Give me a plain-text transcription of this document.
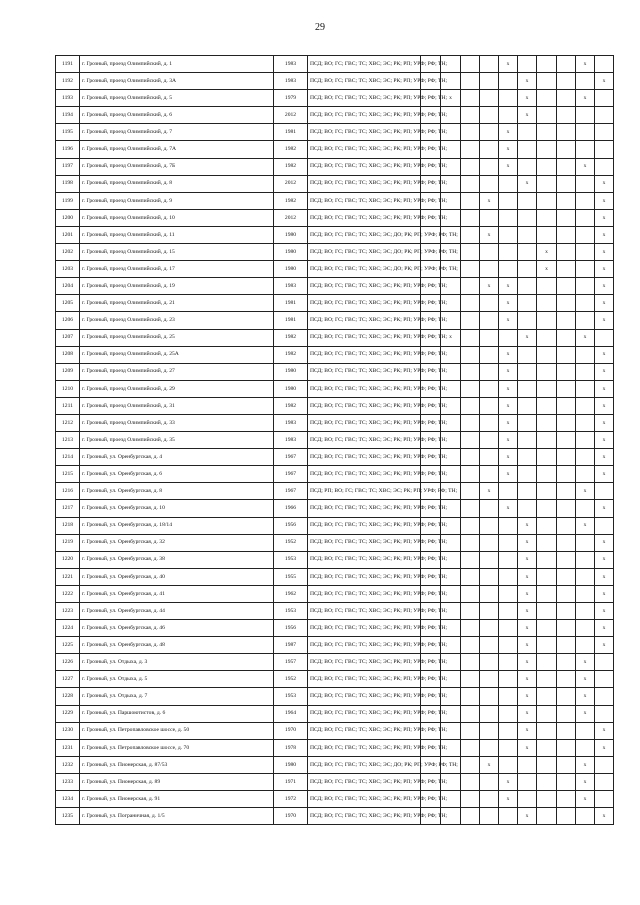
29
1191	г. Грозный, проезд Олимпийский, д. 1	1983	ПСД; ВО; ГС; ГВС; ТС; ХВС; ЭС; РК; РП; УРФ; РФ; ТН;					x				x	
1192	г. Грозный, проезд Олимпийский, д. 3А	1983	ПСД; ВО; ГС; ГВС; ТС; ХВС; ЭС; РК; РП; УРФ; РФ; ТН;						x				x
1193	г. Грозный, проезд Олимпийский, д. 5	1979	ПСД; ВО; ГС; ГВС; ТС; ХВС; ЭС; РК; РП; УРФ; РФ; ТН;		x				x			x	
1194	г. Грозный, проезд Олимпийский, д. 6	2012	ПСД; ВО; ГС; ГВС; ТС; ХВС; ЭС; РК; РП; УРФ; РФ; ТН;						x				
1195	г. Грозный, проезд Олимпийский, д. 7	1981	ПСД; ВО; ГС; ГВС; ТС; ХВС; ЭС; РК; РП; УРФ; РФ; ТН;					x					
1196	г. Грозный, проезд Олимпийский, д. 7А	1982	ПСД; ВО; ГС; ГВС; ТС; ХВС; ЭС; РК; РП; УРФ; РФ; ТН;					x					
1197	г. Грозный, проезд Олимпийский, д. 7Б	1982	ПСД; ВО; ГС; ГВС; ТС; ХВС; ЭС; РК; РП; УРФ; РФ; ТН;					x				x	
1198	г. Грозный, проезд Олимпийский, д. 8	2012	ПСД; ВО; ГС; ГВС; ТС; ХВС; ЭС; РК; РП; УРФ; РФ; ТН;						x				x
1199	г. Грозный, проезд Олимпийский, д. 9	1982	ПСД; ВО; ГС; ГВС; ТС; ХВС; ЭС; РК; РП; УРФ; РФ; ТН;				x						x
1200	г. Грозный, проезд Олимпийский, д. 10	2012	ПСД; ВО; ГС; ГВС; ТС; ХВС; ЭС; РК; РП; УРФ; РФ; ТН;										x
1201	г. Грозный, проезд Олимпийский, д. 11	1980	ПСД; ВО; ГС; ГВС; ТС; ХВС; ЭС; ДО; РК; РП; УРФ; РФ; ТН;				x						x
1202	г. Грозный, проезд Олимпийский, д. 15	1980	ПСД; ВО; ГС; ГВС; ТС; ХВС; ЭС; ДО; РК; РП; УРФ; РФ; ТН;							x			x
1203	г. Грозный, проезд Олимпийский, д. 17	1980	ПСД; ВО; ГС; ГВС; ТС; ХВС; ЭС; ДО; РК; РП; УРФ; РФ; ТН;							x			x
1204	г. Грозный, проезд Олимпийский, д. 19	1983	ПСД; ВО; ГС; ГВС; ТС; ХВС; ЭС; РК; РП; УРФ; РФ; ТН;				x	x					x
1205	г. Грозный, проезд Олимпийский, д. 21	1981	ПСД; ВО; ГС; ГВС; ТС; ХВС; ЭС; РК; РП; УРФ; РФ; ТН;					x					x
1206	г. Грозный, проезд Олимпийский, д. 23	1981	ПСД; ВО; ГС; ГВС; ТС; ХВС; ЭС; РК; РП; УРФ; РФ; ТН;					x					x
1207	г. Грозный, проезд Олимпийский, д. 25	1982	ПСД; ВО; ГС; ГВС; ТС; ХВС; ЭС; РК; РП; УРФ; РФ; ТН;		x				x			x	
1208	г. Грозный, проезд Олимпийский, д. 25А	1982	ПСД; ВО; ГС; ГВС; ТС; ХВС; ЭС; РК; РП; УРФ; РФ; ТН;					x					x
1209	г. Грозный, проезд Олимпийский, д. 27	1980	ПСД; ВО; ГС; ГВС; ТС; ХВС; ЭС; РК; РП; УРФ; РФ; ТН;					x					x
1210	г. Грозный, проезд Олимпийский, д. 29	1980	ПСД; ВО; ГС; ГВС; ТС; ХВС; ЭС; РК; РП; УРФ; РФ; ТН;					x					x
1211	г. Грозный, проезд Олимпийский, д. 31	1982	ПСД; ВО; ГС; ГВС; ТС; ХВС; ЭС; РК; РП; УРФ; РФ; ТН;					x					x
1212	г. Грозный, проезд Олимпийский, д. 33	1983	ПСД; ВО; ГС; ГВС; ТС; ХВС; ЭС; РК; РП; УРФ; РФ; ТН;					x					x
1213	г. Грозный, проезд Олимпийский, д. 35	1983	ПСД; ВО; ГС; ГВС; ТС; ХВС; ЭС; РК; РП; УРФ; РФ; ТН;					x					x
1214	г. Грозный, ул. Оренбургская, д. 4	1967	ПСД; ВО; ГС; ГВС; ТС; ХВС; ЭС; РК; РП; УРФ; РФ; ТН;					x					x
1215	г. Грозный, ул. Оренбургская, д. 6	1967	ПСД; ВО; ГС; ГВС; ТС; ХВС; ЭС; РК; РП; УРФ; РФ; ТН;					x					x
1216	г. Грозный, ул. Оренбургская, д. 8	1967	ПСД; РП; ВО; ГС; ГВС; ТС; ХВС; ЭС; РК; РП; УРФ; РФ; ТН;				x					x	
1217	г. Грозный, ул. Оренбургская, д. 10	1966	ПСД; ВО; ГС; ГВС; ТС; ХВС; ЭС; РК; РП; УРФ; РФ; ТН;					x					x
1218	г. Грозный, ул. Оренбургская, д. 18/14	1956	ПСД; ВО; ГС; ГВС; ТС; ХВС; ЭС; РК; РП; УРФ; РФ; ТН;						x			x	
1219	г. Грозный, ул. Оренбургская, д. 32	1952	ПСД; ВО; ГС; ГВС; ТС; ХВС; ЭС; РК; РП; УРФ; РФ; ТН;						x				x
1220	г. Грозный, ул. Оренбургская, д. 38	1953	ПСД; ВО; ГС; ГВС; ТС; ХВС; ЭС; РК; РП; УРФ; РФ; ТН;						x				x
1221	г. Грозный, ул. Оренбургская, д. 40	1955	ПСД; ВО; ГС; ГВС; ТС; ХВС; ЭС; РК; РП; УРФ; РФ; ТН;						x				x
1222	г. Грозный, ул. Оренбургская, д. 41	1962	ПСД; ВО; ГС; ГВС; ТС; ХВС; ЭС; РК; РП; УРФ; РФ; ТН;						x				x
1223	г. Грозный, ул. Оренбургская, д. 44	1953	ПСД; ВО; ГС; ГВС; ТС; ХВС; ЭС; РК; РП; УРФ; РФ; ТН;						x				x
1224	г. Грозный, ул. Оренбургская, д. 46	1956	ПСД; ВО; ГС; ГВС; ТС; ХВС; ЭС; РК; РП; УРФ; РФ; ТН;						x				x
1225	г. Грозный, ул. Оренбургская, д. 48	1987	ПСД; ВО; ГС; ГВС; ТС; ХВС; ЭС; РК; РП; УРФ; РФ; ТН;						x				x
1226	г. Грозный, ул. Отдыха, д. 3	1957	ПСД; ВО; ГС; ГВС; ТС; ХВС; ЭС; РК; РП; УРФ; РФ; ТН;						x			x	
1227	г. Грозный, ул. Отдыха, д. 5	1952	ПСД; ВО; ГС; ГВС; ТС; ХВС; ЭС; РК; РП; УРФ; РФ; ТН;						x			x	
1228	г. Грозный, ул. Отдыха, д. 7	1953	ПСД; ВО; ГС; ГВС; ТС; ХВС; ЭС; РК; РП; УРФ; РФ; ТН;						x			x	
1229	г. Грозный, ул. Паршоютистов, д. 6	1964	ПСД; ВО; ГС; ГВС; ТС; ХВС; ЭС; РК; РП; УРФ; РФ; ТН;						x			x	
1230	г. Грозный, ул. Петропавловское шоссе, д. 50	1970	ПСД; ВО; ГС; ГВС; ТС; ХВС; ЭС; РК; РП; УРФ; РФ; ТН;						x				x
1231	г. Грозный, ул. Петропавловское шоссе, д. 70	1978	ПСД; ВО; ГС; ГВС; ТС; ХВС; ЭС; РК; РП; УРФ; РФ; ТН;						x				x
1232	г. Грозный, ул. Пионерская, д. 87/53	1980	ПСД; ВО; ГС; ГВС; ТС; ХВС; ЭС; ДО; РК; РП; УРФ; РФ; ТН;				x					x	
1233	г. Грозный, ул. Пионерская, д. 89	1971	ПСД; ВО; ГС; ГВС; ТС; ХВС; ЭС; РК; РП; УРФ; РФ; ТН;					x				x	
1234	г. Грозный, ул. Пионерская, д. 91	1972	ПСД; ВО; ГС; ГВС; ТС; ХВС; ЭС; РК; РП; УРФ; РФ; ТН;					x				x	
1235	г. Грозный, ул. Пограничная, д. 1/5	1970	ПСД; ВО; ГС; ГВС; ТС; ХВС; ЭС; РК; РП; УРФ; РФ; ТН;						x				x
